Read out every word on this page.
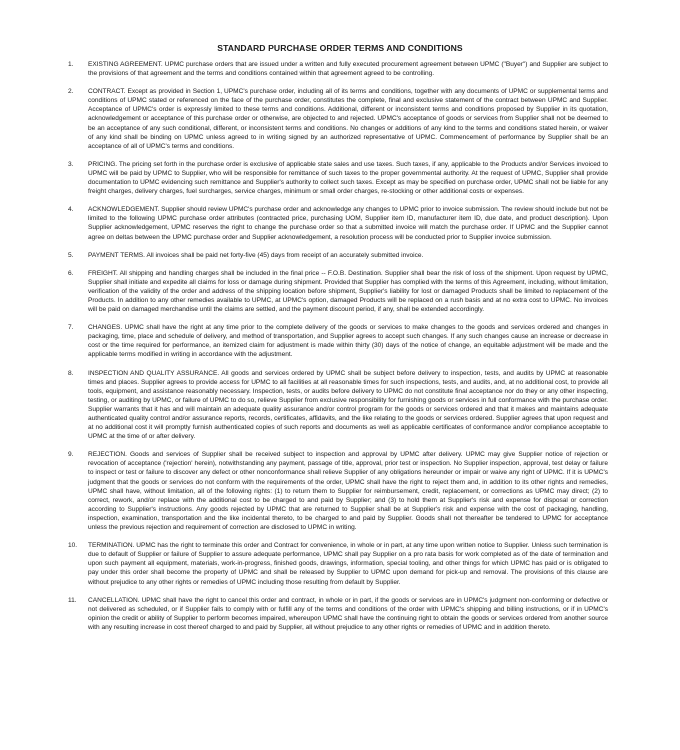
STANDARD PURCHASE ORDER TERMS AND CONDITIONS
1. EXISTING AGREEMENT. UPMC purchase orders that are issued under a written and fully executed procurement agreement between UPMC ("Buyer") and Supplier are subject to the provisions of that agreement and the terms and conditions contained within that agreement agreed to be controlling.
2. CONTRACT. Except as provided in Section 1, UPMC's purchase order, including all of its terms and conditions, together with any documents of UPMC or supplemental terms and conditions of UPMC stated or referenced on the face of the purchase order, constitutes the complete, final and exclusive statement of the contract between UPMC and Supplier. Acceptance of UPMC's order is expressly limited to these terms and conditions. Additional, different or inconsistent terms and conditions proposed by Supplier in its quotation, acknowledgement or acceptance of this purchase order or otherwise, are objected to and rejected. UPMC's acceptance of goods or services from Supplier shall not be deemed to be an acceptance of any such conditional, different, or inconsistent terms and conditions. No changes or additions of any kind to the terms and conditions stated herein, or waiver of any kind shall be binding on UPMC unless agreed to in writing signed by an authorized representative of UPMC. Commencement of performance by Supplier shall be an acceptance of all of UPMC's terms and conditions.
3. PRICING. The pricing set forth in the purchase order is exclusive of applicable state sales and use taxes. Such taxes, if any, applicable to the Products and/or Services invoiced to UPMC will be paid by UPMC to Supplier, who will be responsible for remittance of such taxes to the proper governmental authority. At the request of UPMC, Supplier shall provide documentation to UPMC evidencing such remittance and Supplier's authority to collect such taxes. Except as may be specified on purchase order, UPMC shall not be liable for any freight charges, delivery charges, fuel surcharges, service charges, minimum or small order charges, re-stocking or other additional costs or expenses.
4. ACKNOWLEDGEMENT. Supplier should review UPMC's purchase order and acknowledge any changes to UPMC prior to invoice submission. The review should include but not be limited to the following UPMC purchase order attributes (contracted price, purchasing UOM, Supplier item ID, manufacturer item ID, due date, and product description). Upon Supplier acknowledgement, UPMC reserves the right to change the purchase order so that a submitted invoice will match the purchase order. If UPMC and the Supplier cannot agree on deltas between the UPMC purchase order and Supplier acknowledgement, a resolution process will be conducted prior to Supplier invoice submission.
5. PAYMENT TERMS. All invoices shall be paid net forty-five (45) days from receipt of an accurately submitted invoice.
6. FREIGHT. All shipping and handling charges shall be included in the final price -- F.O.B. Destination. Supplier shall bear the risk of loss of the shipment. Upon request by UPMC, Supplier shall initiate and expedite all claims for loss or damage during shipment. Provided that Supplier has complied with the terms of this Agreement, including, without limitation, verification of the validity of the order and address of the shipping location before shipment, Supplier's liability for lost or damaged Products shall be limited to replacement of the Products. In addition to any other remedies available to UPMC, at UPMC's option, damaged Products will be replaced on a rush basis and at no extra cost to UPMC. No invoices will be paid on damaged merchandise until the claims are settled, and the payment discount period, if any, shall be extended accordingly.
7. CHANGES. UPMC shall have the right at any time prior to the complete delivery of the goods or services to make changes to the goods and services ordered and changes in packaging, time, place and schedule of delivery, and method of transportation, and Supplier agrees to accept such changes. If any such changes cause an increase or decrease in cost or the time required for performance, an itemized claim for adjustment is made within thirty (30) days of the notice of change, an equitable adjustment will be made and the applicable terms modified in writing in accordance with the adjustment.
8. INSPECTION AND QUALITY ASSURANCE. All goods and services ordered by UPMC shall be subject before delivery to inspection, tests, and audits by UPMC at reasonable times and places. Supplier agrees to provide access for UPMC to all facilities at all reasonable times for such inspections, tests, and audits, and, at no additional cost, to provide all tools, equipment, and assistance reasonably necessary. Inspection, tests, or audits before delivery to UPMC do not constitute final acceptance nor do they or any other inspecting, testing, or auditing by UPMC, or failure of UPMC to do so, relieve Supplier from exclusive responsibility for furnishing goods or services in full conformance with the purchase order. Supplier warrants that it has and will maintain an adequate quality assurance and/or control program for the goods or services ordered and that it makes and maintains adequate authenticated quality control and/or assurance reports, records, certificates, affidavits, and the like relating to the goods or services ordered. Supplier agrees that upon request and at no additional cost it will promptly furnish authenticated copies of such reports and documents as well as applicable certificates of conformance and/or compliance acceptable to UPMC at the time of or after delivery.
9. REJECTION. Goods and services of Supplier shall be received subject to inspection and approval by UPMC after delivery. UPMC may give Supplier notice of rejection or revocation of acceptance ('rejection' herein), notwithstanding any payment, passage of title, approval, prior test or inspection. No Supplier inspection, approval, test delay or failure to inspect or test or failure to discover any defect or other nonconformance shall relieve Supplier of any obligations hereunder or impair or waive any right of UPMC. If it is UPMC's judgment that the goods or services do not conform with the requirements of the order, UPMC shall have the right to reject them and, in addition to its other rights and remedies, UPMC shall have, without limitation, all of the following rights: (1) to return them to Supplier for reimbursement, credit, replacement, or corrections as UPMC may direct; (2) to correct, rework, and/or replace with the additional cost to be charged to and paid by Supplier; and (3) to hold them at Supplier's risk and expense for disposal or correction according to Supplier's instructions. Any goods rejected by UPMC that are returned to Supplier shall be at Supplier's risk and expense with the cost of packaging, handling, inspection, examination, transportation and the like incidental thereto, to be charged to and paid by Supplier. Goods shall not thereafter be tendered to UPMC for acceptance unless the previous rejection and requirement of correction are disclosed to UPMC in writing.
10. TERMINATION. UPMC has the right to terminate this order and Contract for convenience, in whole or in part, at any time upon written notice to Supplier. Unless such termination is due to default of Supplier or failure of Supplier to assure adequate performance, UPMC shall pay Supplier on a pro rata basis for work completed as of the date of termination and upon such payment all equipment, materials, work-in-progress, finished goods, drawings, information, special tooling, and other things for which UPMC has paid or is obligated to pay under this order shall become the property of UPMC and shall be released by Supplier to UPMC upon demand for pick-up and removal. The provisions of this clause are without prejudice to any other rights or remedies of UPMC including those resulting from default by Supplier.
11. CANCELLATION. UPMC shall have the right to cancel this order and contract, in whole or in part, if the goods or services are in UPMC's judgment non-conforming or defective or not delivered as scheduled, or if Supplier fails to comply with or fulfill any of the terms and conditions of the order with UPMC's shipping and billing instructions, or if in UPMC's opinion the credit or ability of Supplier to perform becomes impaired, whereupon UPMC shall have the continuing right to obtain the goods or services ordered from another source with any resulting increase in cost thereof charged to and paid by Supplier, all without prejudice to any other rights or remedies of UPMC and in addition thereto.
